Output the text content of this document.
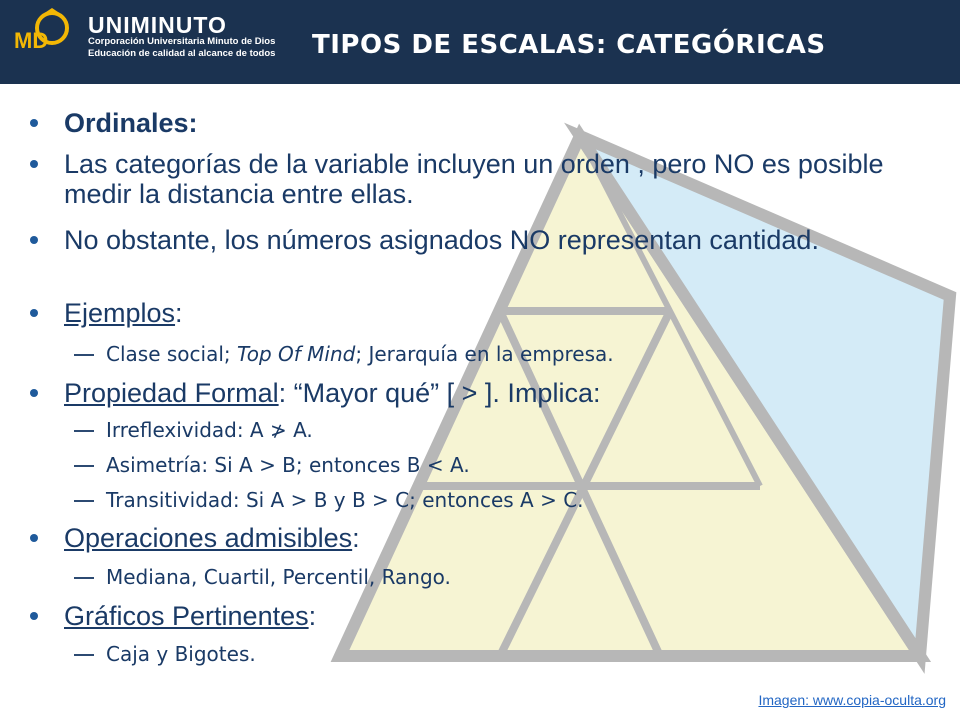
MD
UNIMINUTO
Corporación Universitaria Minuto de Dios
Educación de calidad al alcance de todos TIPOS DE ESCALAS: CATEGÓRICAS
Ordinales:
Las categorías de la variable incluyen un orden , pero NO es posible medir la distancia entre ellas.
No obstante, los números asignados NO representan cantidad.
Ejemplos:
Clase social; Top Of Mind; Jerarquía en la empresa.
Propiedad Formal: “Mayor qué” [ > ]. Implica:
Irreflexividad: A ≯ A.
Asimetría: Si A > B; entonces B < A.
Transitividad: Si A > B y B > C; entonces A > C.
Operaciones admisibles:
Mediana, Cuartil, Percentil, Rango.
Gráficos Pertinentes:
Caja y Bigotes.
Imagen: www.copia-oculta.org
